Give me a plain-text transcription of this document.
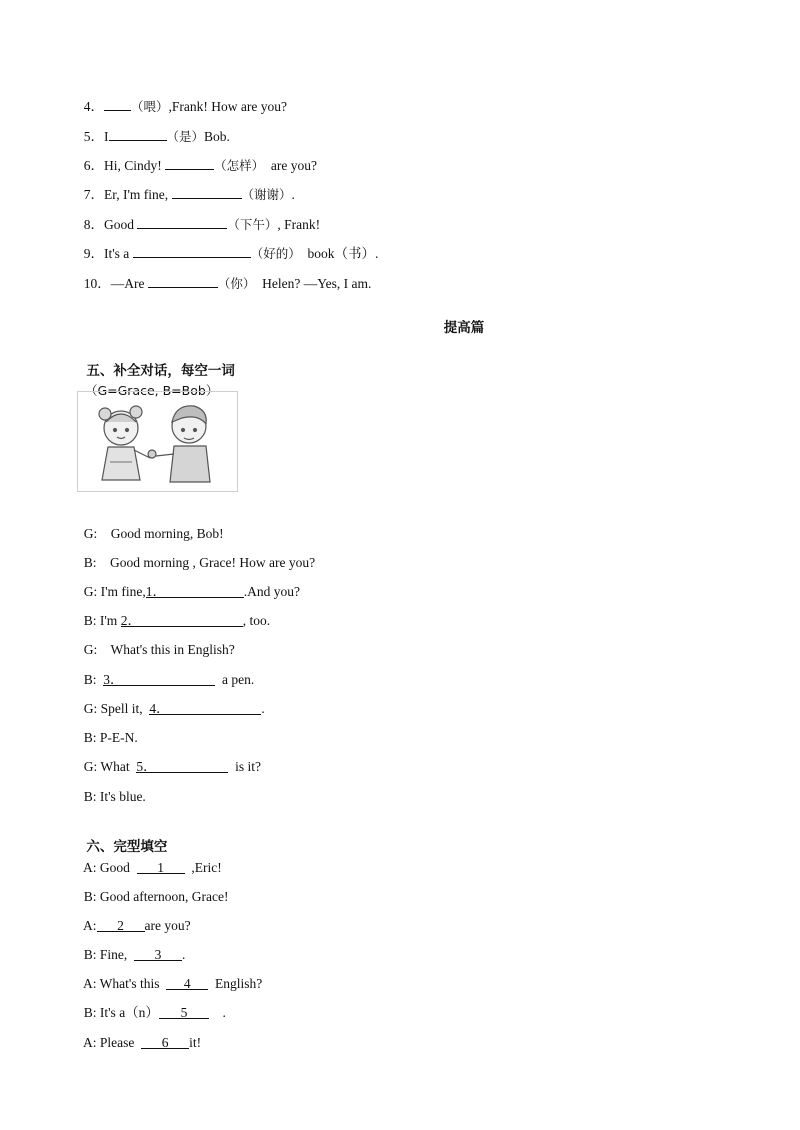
4． （喂）,Frank! How are you?

5．I	（是）Bob.

6．Hi, Cindy!	（怎样）  are you?

7．Er, I'm fine,	（谢谢）.

8．Good	（下午）, Frank!

9．It's a	（好的）  book（书）.

10．—Are	（你）  Helen? —Yes, I am.

提高篇

五、补全对话，每空一词

（G=Grace, B=Bob）

G:    Good morning, Bob!

B:    Good morning , Grace! How are you?

G: I'm fine,1．	.And you?

B: I'm 2．	, too.

G:    What's this in English?

B:  3．	a pen.

G: Spell it,  4．	.

B: P-E-N.

G: What  5．	is it?

B: It's blue.

六、完型填空

A: Good  1  ,Eric!

B: Good afternoon, Grace!

A: 2 are you?

B: Fine,  3 .

A: What's this  4  English?

B: It's a（n） 5    .

A: Please  6 it!
